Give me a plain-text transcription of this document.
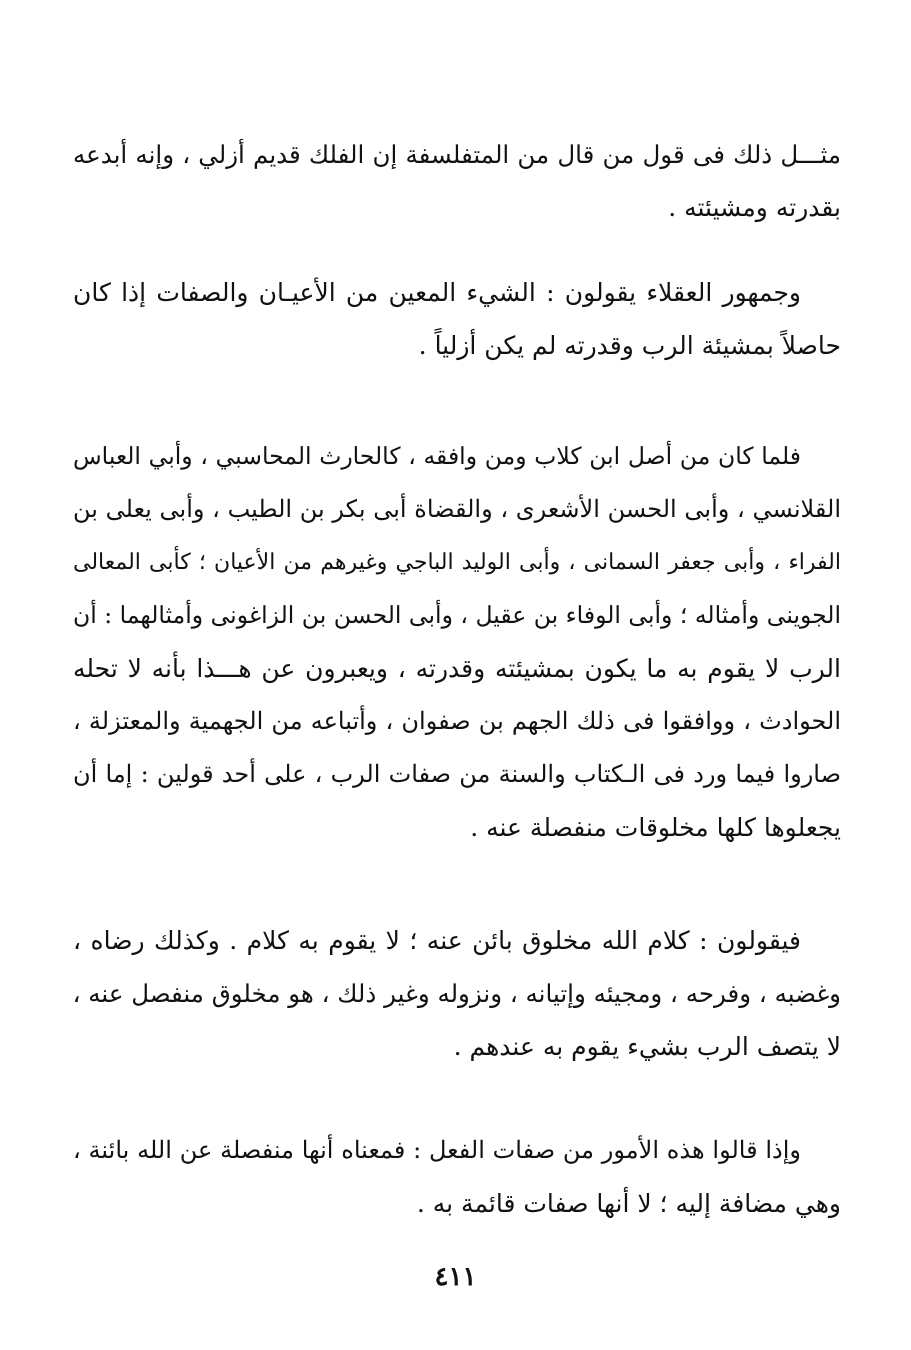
مثـــل ذلك فى قول من قال من المتفلسفة إن الفلك قديم أزلي ، وإنه أبدعه
بقدرته ومشيئته .
وجمهور العقلاء يقولون : الشيء المعين من الأعيـان والصفات إذا كان
حاصلاً بمشيئة الرب وقدرته لم يكن أزلياً .
فلما كان من أصل ابن كلاب ومن وافقه ، كالحارث المحاسبي ، وأبي العباس
القلانسي ، وأبى الحسن الأشعرى ، والقضاة أبى بكر بن الطيب ، وأبى يعلى بن
الفراء ، وأبى جعفر السمانى ، وأبى الوليد الباجي وغيرهم من الأعيان ؛ كأبى المعالى
الجوينى وأمثاله ؛ وأبى الوفاء بن عقيل ، وأبى الحسن بن الزاغونى وأمثالهما : أن
الرب لا يقوم به ما يكون بمشيئته وقدرته ، ويعبرون عن هـــذا بأنه لا تحله
الحوادث ، ووافقوا فى ذلك الجهم بن صفوان ، وأتباعه من الجهمية والمعتزلة ،
صاروا فيما ورد فى الـكتاب والسنة من صفات الرب ، على أحد قولين : إما أن
يجعلوها كلها مخلوقات منفصلة عنه .
فيقولون : كلام الله مخلوق بائن عنه ؛ لا يقوم به كلام . وكذلك رضاه ،
وغضبه ، وفرحه ، ومجيئه وإتيانه ، ونزوله وغير ذلك ، هو مخلوق منفصل عنه ،
لا يتصف الرب بشيء يقوم به عندهم .
وإذا قالوا هذه الأمور من صفات الفعل : فمعناه أنها منفصلة عن الله بائنة ،
وهي مضافة إليه ؛ لا أنها صفات قائمة به .
٤١١
